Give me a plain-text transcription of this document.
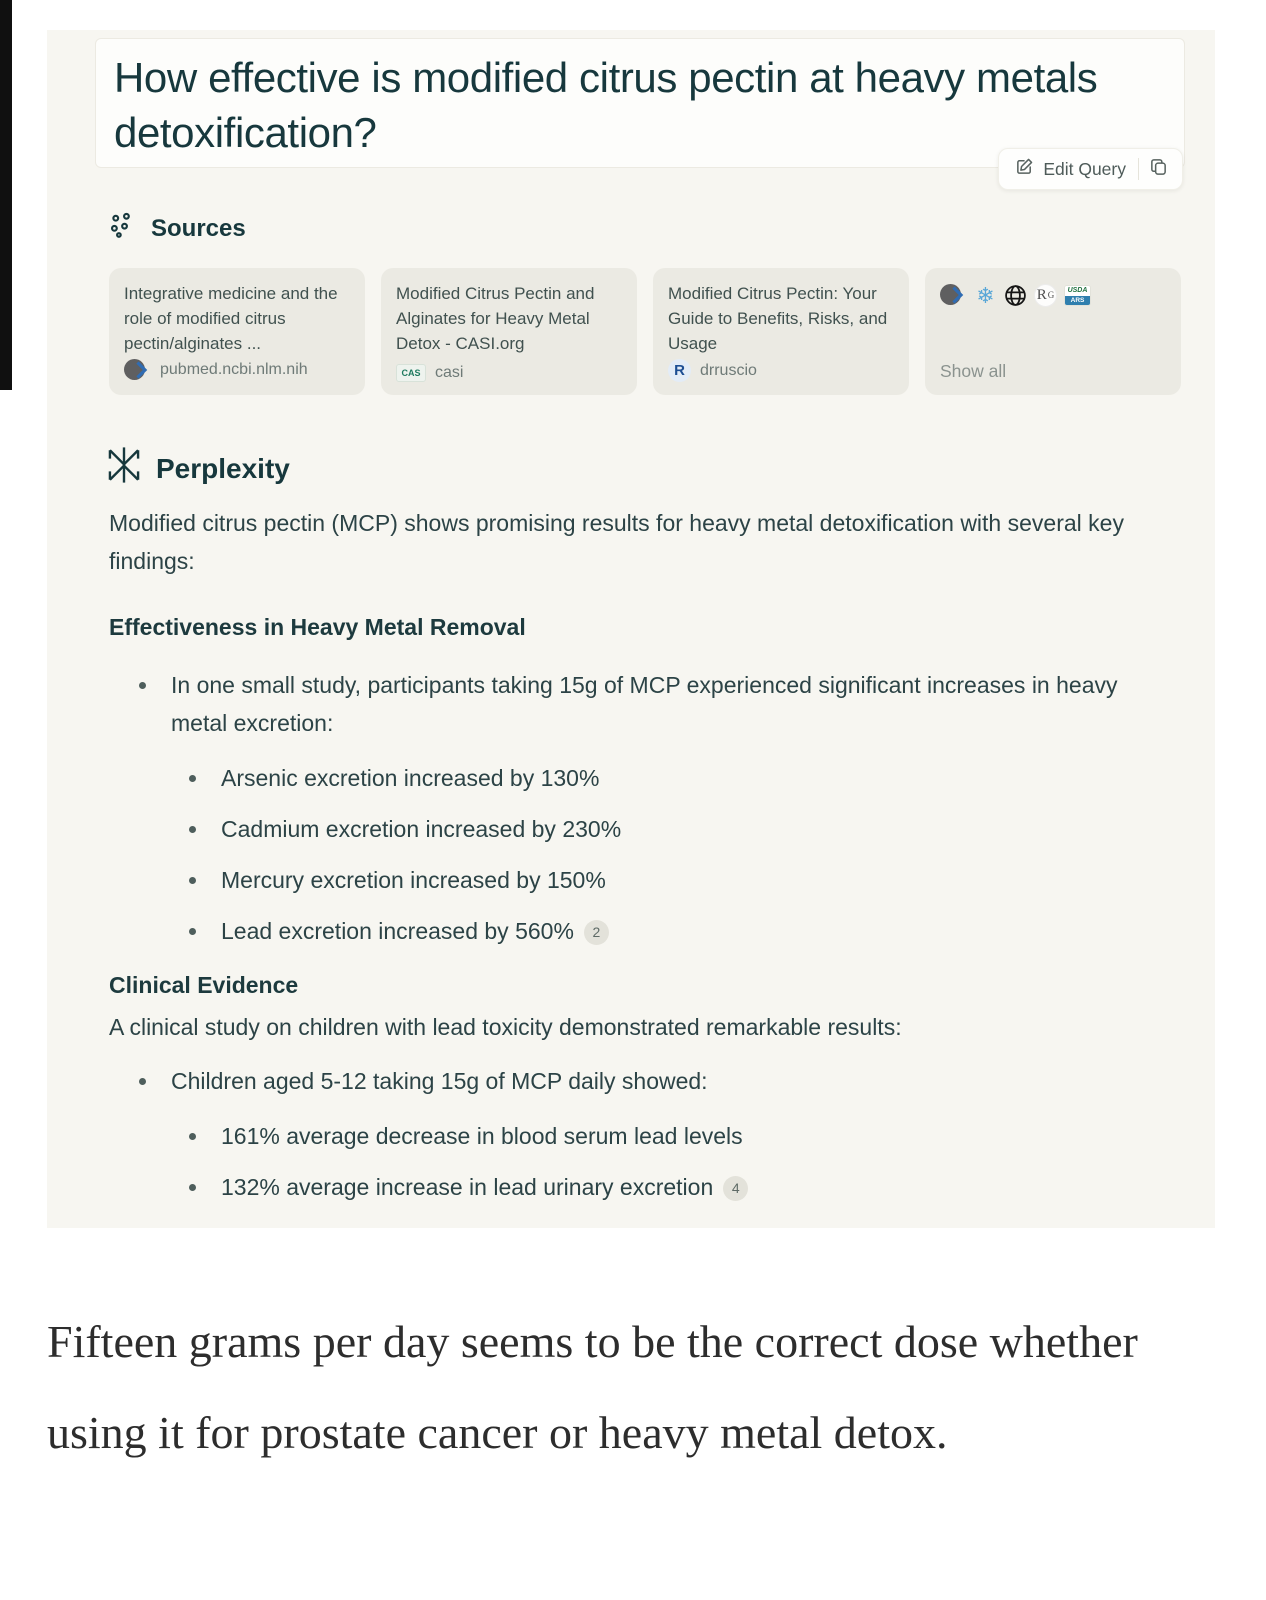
How effective is modified citrus pectin at heavy metals detoxification?
Edit Query
Sources
Integrative medicine and the role of modified citrus pectin/alginates ...
pubmed.ncbi.nlm.nih
Modified Citrus Pectin and Alginates for Heavy Metal Detox - CASI.org
CAS casi
Modified Citrus Pectin: Your Guide to Benefits, Risks, and Usage
R drruscio
❄	R G	USDA
ARS
Show all
Perplexity

Modified citrus pectin (MCP) shows promising results for heavy metal detoxification with several key findings:

Effectiveness in Heavy Metal Removal

In one small study, participants taking 15g of MCP experienced significant increases in heavy metal excretion:

Arsenic excretion increased by 130%

Cadmium excretion increased by 230%

Mercury excretion increased by 150%

Lead excretion increased by 560% 2

Clinical Evidence

A clinical study on children with lead toxicity demonstrated remarkable results:

Children aged 5-12 taking 15g of MCP daily showed:

161% average decrease in blood serum lead levels

132% average increase in lead urinary excretion 4

Fifteen grams per day seems to be the correct dose whether using it for prostate cancer or heavy metal detox.
